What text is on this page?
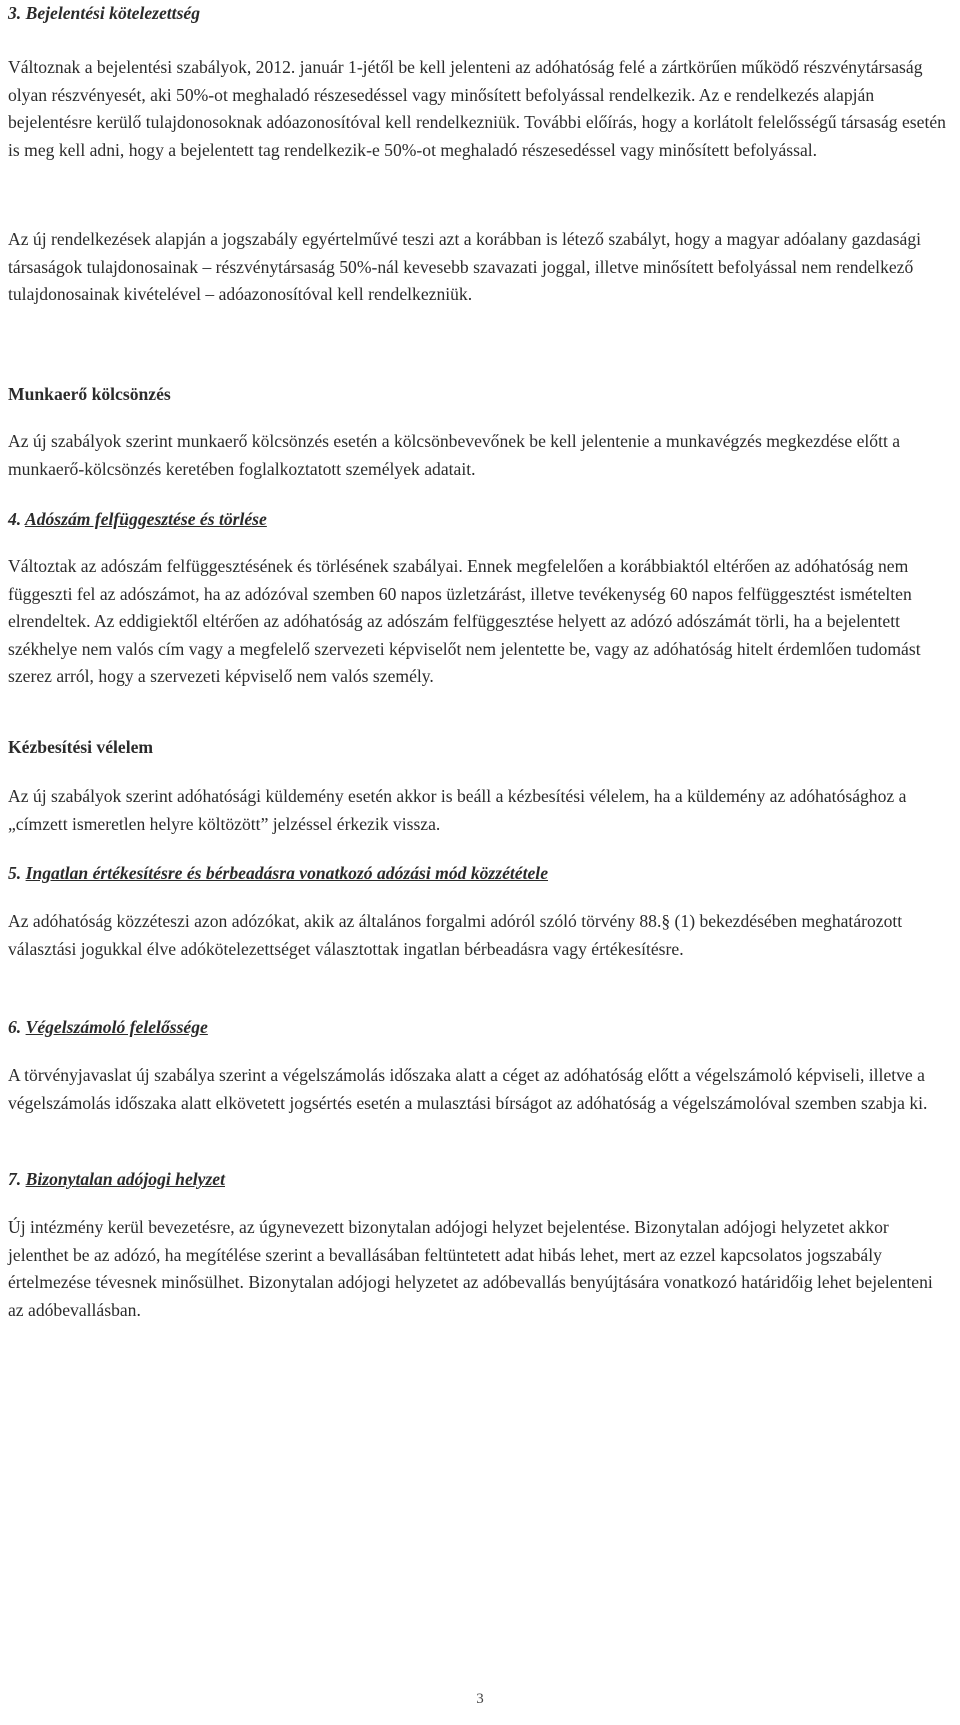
3. Bejelentési kötelezettség

Változnak a bejelentési szabályok, 2012. január 1-jétől be kell jelenteni az adóhatóság felé a zártkörűen működő részvénytársaság olyan részvényesét, aki 50%-ot meghaladó részesedéssel vagy minősített befolyással rendelkezik. Az e rendelkezés alapján bejelentésre kerülő tulajdonosoknak adóazonosítóval kell rendelkezniük. További előírás, hogy a korlátolt felelősségű társaság esetén is meg kell adni, hogy a bejelentett tag rendelkezik-e 50%-ot meghaladó részesedéssel vagy minősített befolyással.

Az új rendelkezések alapján a jogszabály egyértelművé teszi azt a korábban is létező szabályt, hogy a magyar adóalany gazdasági társaságok tulajdonosainak – részvénytársaság 50%-nál kevesebb szavazati joggal, illetve minősített befolyással nem rendelkező tulajdonosainak kivételével – adóazonosítóval kell rendelkezniük.

Munkaerő kölcsönzés

Az új szabályok szerint munkaerő kölcsönzés esetén a kölcsönbevevőnek be kell jelentenie a munkavégzés megkezdése előtt a munkaerő-kölcsönzés keretében foglalkoztatott személyek adatait.

4. Adószám felfüggesztése és törlése

Változtak az adószám felfüggesztésének és törlésének szabályai. Ennek megfelelően a korábbiaktól eltérően az adóhatóság nem függeszti fel az adószámot, ha az adózóval szemben 60 napos üzletzárást, illetve tevékenység 60 napos felfüggesztést ismételten elrendeltek. Az eddigiektől eltérően az adóhatóság az adószám felfüggesztése helyett az adózó adószámát törli, ha a bejelentett székhelye nem valós cím vagy a megfelelő szervezeti képviselőt nem jelentette be, vagy az adóhatóság hitelt érdemlően tudomást szerez arról, hogy a szervezeti képviselő nem valós személy.

Kézbesítési vélelem

Az új szabályok szerint adóhatósági küldemény esetén akkor is beáll a kézbesítési vélelem, ha a küldemény az adóhatósághoz a „címzett ismeretlen helyre költözött” jelzéssel érkezik vissza.

5. Ingatlan értékesítésre és bérbeadásra vonatkozó adózási mód közzététele

Az adóhatóság közzéteszi azon adózókat, akik az általános forgalmi adóról szóló törvény 88.§ (1) bekezdésében meghatározott választási jogukkal élve adókötelezettséget választottak ingatlan bérbeadásra vagy értékesítésre.

6. Végelszámoló felelőssége

A törvényjavaslat új szabálya szerint a végelszámolás időszaka alatt a céget az adóhatóság előtt a végelszámoló képviseli, illetve a végelszámolás időszaka alatt elkövetett jogsértés esetén a mulasztási bírságot az adóhatóság a végelszámolóval szemben szabja ki.

7. Bizonytalan adójogi helyzet

Új intézmény kerül bevezetésre, az úgynevezett bizonytalan adójogi helyzet bejelentése. Bizonytalan adójogi helyzetet akkor jelenthet be az adózó, ha megítélése szerint a bevallásában feltüntetett adat hibás lehet, mert az ezzel kapcsolatos jogszabály értelmezése tévesnek minősülhet. Bizonytalan adójogi helyzetet az adóbevallás benyújtására vonatkozó határidőig lehet bejelenteni az adóbevallásban.

3
